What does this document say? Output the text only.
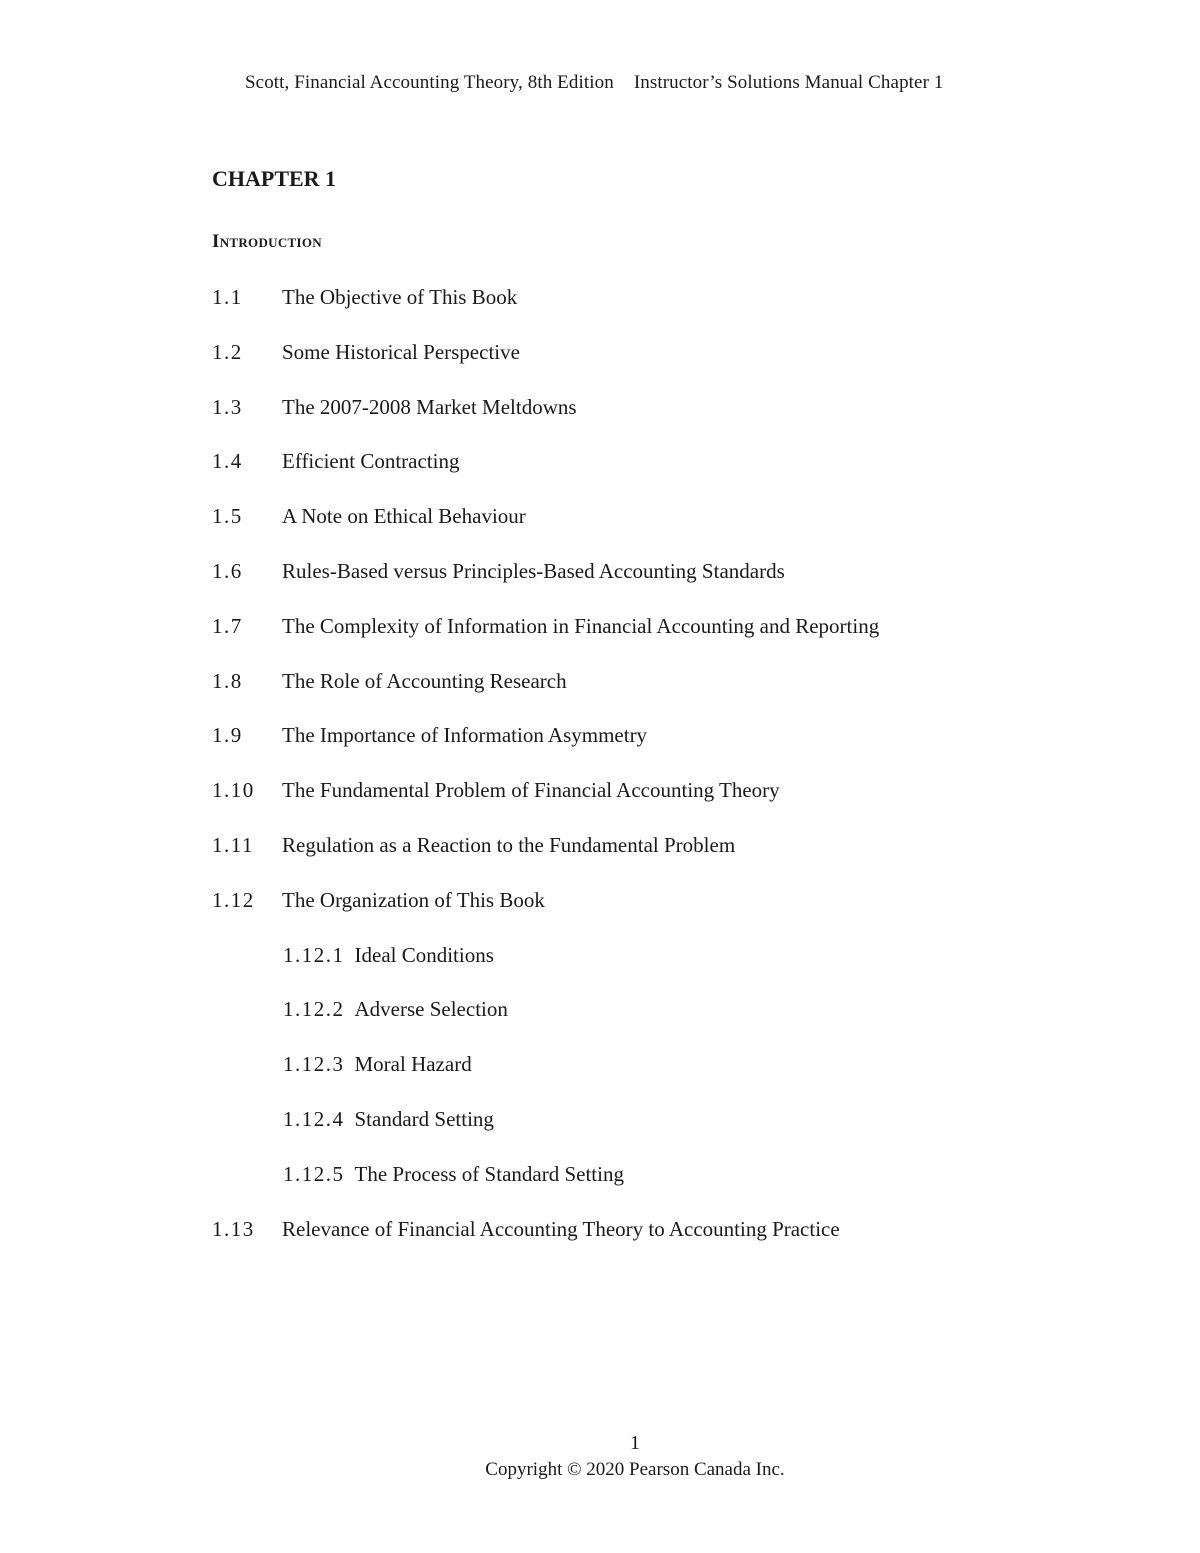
Scott, Financial Accounting Theory, 8th Edition Instructor’s Solutions Manual Chapter 1
CHAPTER 1
Introduction
1.1 The Objective of This Book
1.2 Some Historical Perspective
1.3 The 2007-2008 Market Meltdowns
1.4 Efficient Contracting
1.5 A Note on Ethical Behaviour
1.6 Rules-Based versus Principles-Based Accounting Standards
1.7 The Complexity of Information in Financial Accounting and Reporting
1.8 The Role of Accounting Research
1.9 The Importance of Information Asymmetry
1.10 The Fundamental Problem of Financial Accounting Theory
1.11 Regulation as a Reaction to the Fundamental Problem
1.12 The Organization of This Book
1.12.1 Ideal Conditions
1.12.2 Adverse Selection
1.12.3 Moral Hazard
1.12.4 Standard Setting
1.12.5 The Process of Standard Setting
1.13 Relevance of Financial Accounting Theory to Accounting Practice
1
Copyright © 2020 Pearson Canada Inc.
